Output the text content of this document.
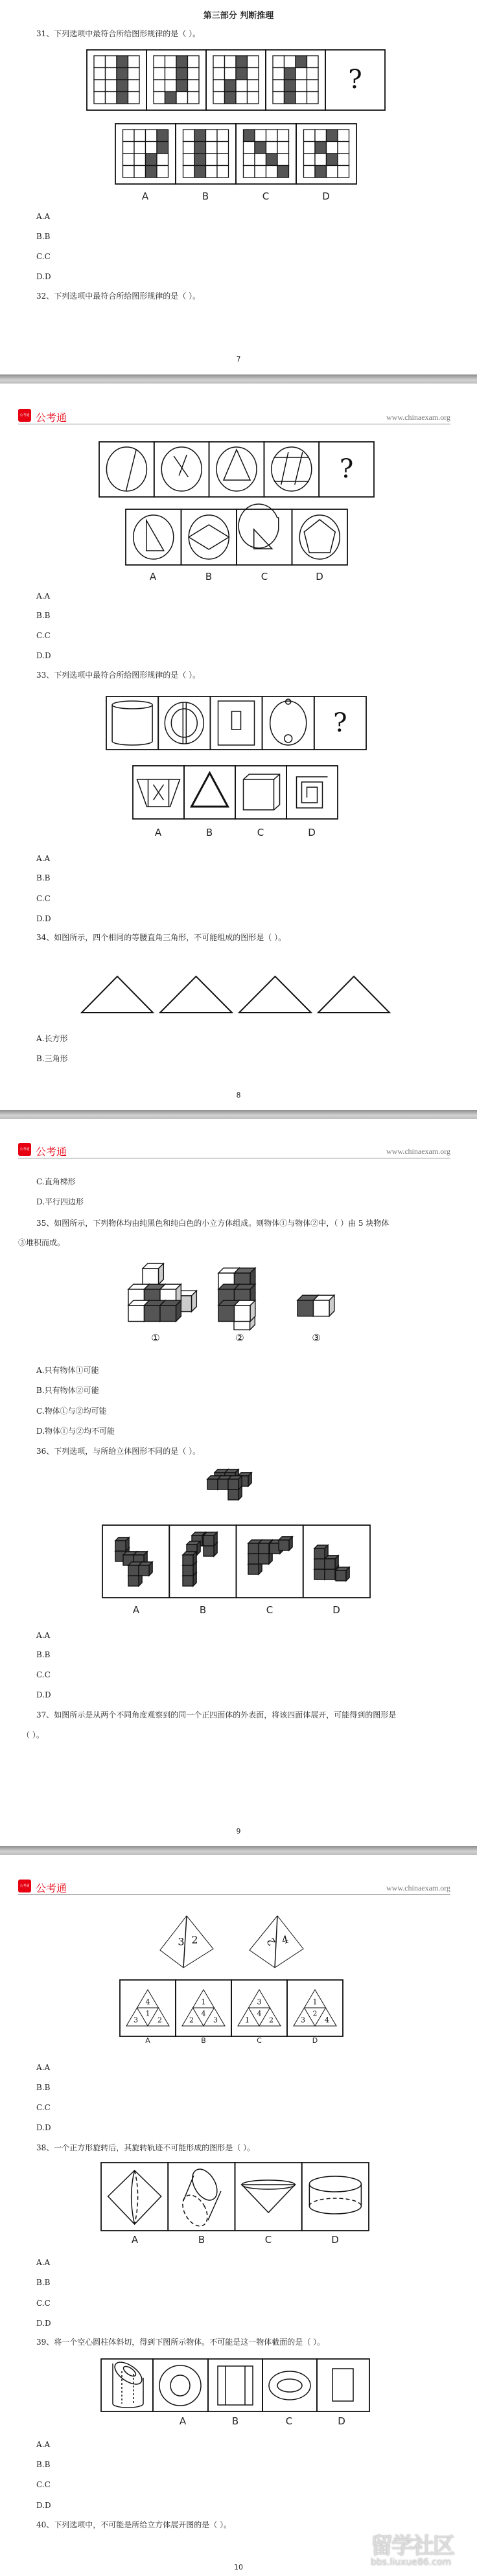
?
?
?
3 2	2 4
4
1
3	2
1
4
2	3
3
4
1	2
1
2
3	4
第三部分 判断推理
31、下列选项中最符合所给图形规律的是（ ）。
A	B	C	D
A.A
B.B
C.C
D.D
32、下列选项中最符合所给图形规律的是（ ）。
7
公考通 公考通	www.chinaexam.org
A	B	C	D
A.A
B.B
C.C
D.D
33、下列选项中最符合所给图形规律的是（ ）。
A	B	C	D
A.A
B.B
C.C
D.D
34、如图所示，四个相同的等腰直角三角形，不可能组成的图形是（ ）。
A.长方形
B.三角形
8
公考通 公考通	www.chinaexam.org
C.直角梯形
D.平行四边形
35、如图所示，下列物体均由纯黑色和纯白色的小立方体组成。则物体①与物体②中，（ ）由 5 块物体
③堆积而成。
①	②	③
A.只有物体①可能
B.只有物体②可能
C.物体①与②均可能
D.物体①与②均不可能
36、下列选项，与所给立体图形不同的是（ ）。
A	B	C	D
A.A
B.B
C.C
D.D
37、如图所示是从两个不同角度观察到的同一个正四面体的外表面，将该四面体展开，可能得到的图形是
（ ）。
9
公考通 公考通	www.chinaexam.org
A	B	C	D
A.A
B.B
C.C
D.D
38、一个正方形旋转后，其旋转轨迹不可能形成的图形是（ ）。
A	B	C	D
A.A
B.B
C.C
D.D
39、将一个空心圆柱体斜切，得到下图所示物体。不可能是这一物体截面的是（ ）。
A	B	C	D
A.A
B.B
C.C
D.D
40、下列选项中，不可能是所给立方体展开图的是（ ）。
留学社区
bbs.liuxue86.com
10
